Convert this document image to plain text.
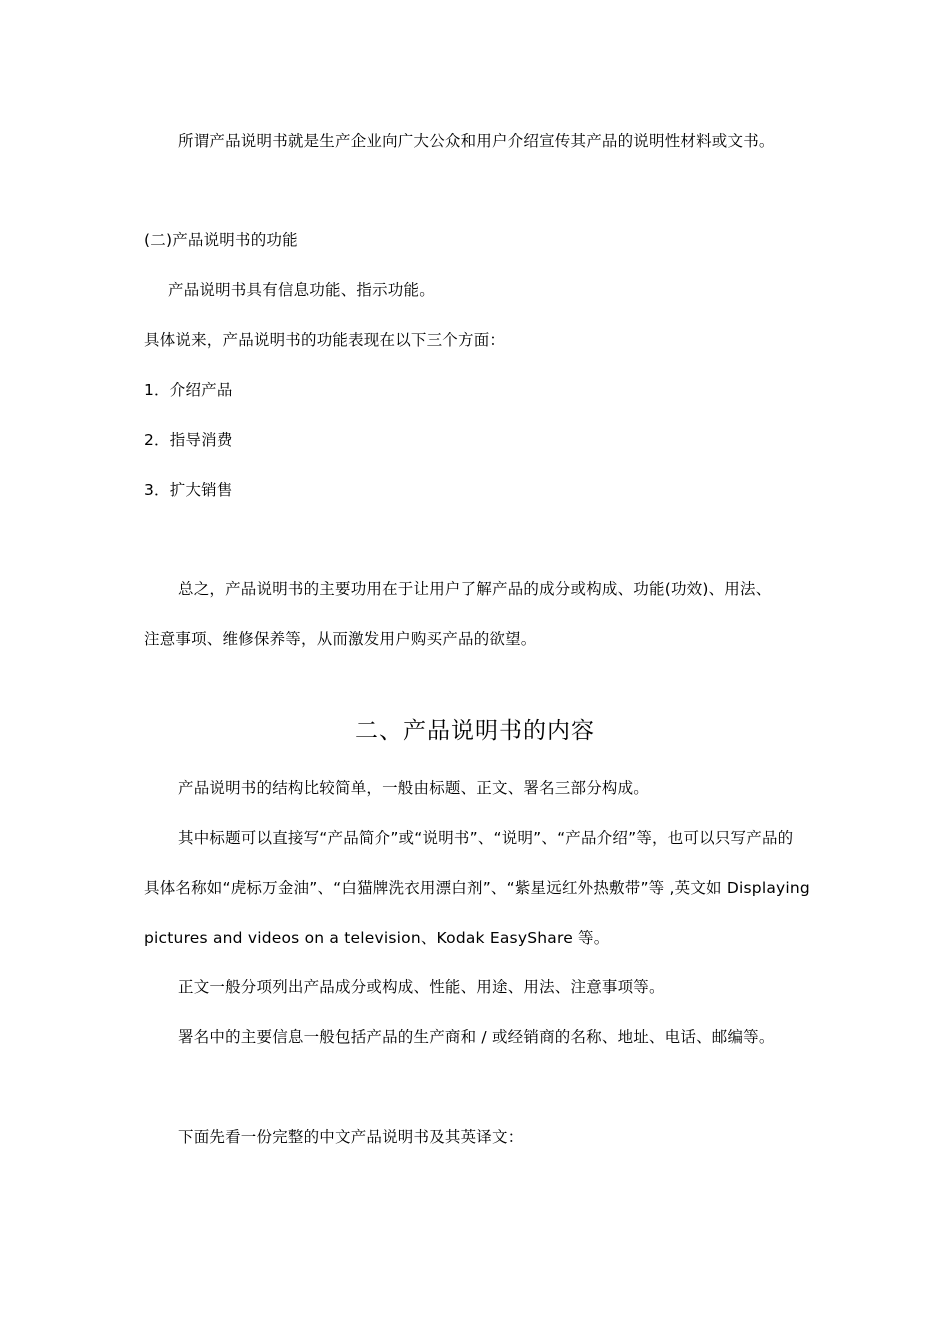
所谓产品说明书就是生产企业向广大公众和用户介绍宣传其产品的说明性材料或文书。
(二)产品说明书的功能
产品说明书具有信息功能、指示功能。
具体说来，产品说明书的功能表现在以下三个方面：
1．介绍产品
2．指导消费
3．扩大销售
总之，产品说明书的主要功用在于让用户了解产品的成分或构成、功能(功效)、用法、
注意事项、维修保养等，从而激发用户购买产品的欲望。
二、产品说明书的内容
产品说明书的结构比较简单，一般由标题、正文、署名三部分构成。
其中标题可以直接写“产品简介”或“说明书”、“说明”、“产品介绍”等，也可以只写产品的
具体名称如“虎标万金油”、“白猫牌洗衣用漂白剂”、“紫星远红外热敷带”等 ,英文如 Displaying
pictures and videos on a television、Kodak EasyShare 等。
正文一般分项列出产品成分或构成、性能、用途、用法、注意事项等。
署名中的主要信息一般包括产品的生产商和 / 或经销商的名称、地址、电话、邮编等。
下面先看一份完整的中文产品说明书及其英译文：
